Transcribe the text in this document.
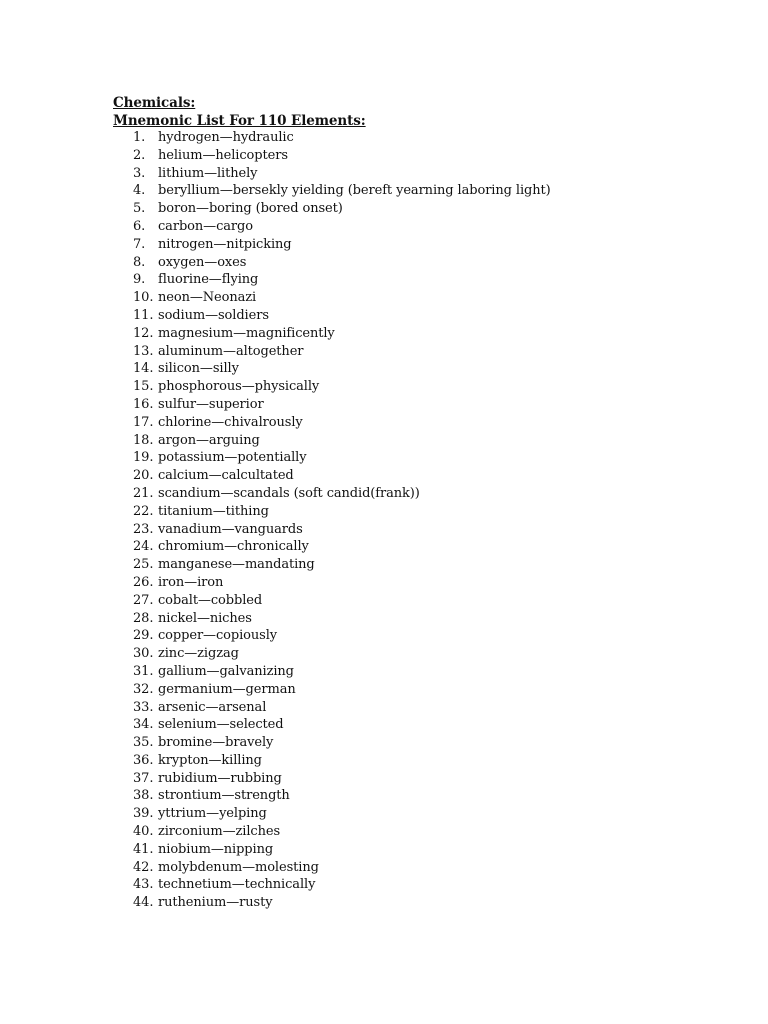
Chemicals:
Mnemonic List For 110 Elements:
1. hydrogen—hydraulic
2. helium—helicopters
3. lithium—lithely
4. beryllium—bersekly yielding (bereft yearning laboring light)
5. boron—boring (bored onset)
6. carbon—cargo
7. nitrogen—nitpicking
8. oxygen—oxes
9. fluorine—flying
10. neon—Neonazi
11. sodium—soldiers
12. magnesium—magnificently
13. aluminum—altogether
14. silicon—silly
15. phosphorous—physically
16. sulfur—superior
17. chlorine—chivalrously
18. argon—arguing
19. potassium—potentially
20. calcium—calcultated
21. scandium—scandals (soft candid(frank))
22. titanium—tithing
23. vanadium—vanguards
24. chromium—chronically
25. manganese—mandating
26. iron—iron
27. cobalt—cobbled
28. nickel—niches
29. copper—copiously
30. zinc—zigzag
31. gallium—galvanizing
32. germanium—german
33. arsenic—arsenal
34. selenium—selected
35. bromine—bravely
36. krypton—killing
37. rubidium—rubbing
38. strontium—strength
39. yttrium—yelping
40. zirconium—zilches
41. niobium—nipping
42. molybdenum—molesting
43. technetium—technically
44. ruthenium—rusty
